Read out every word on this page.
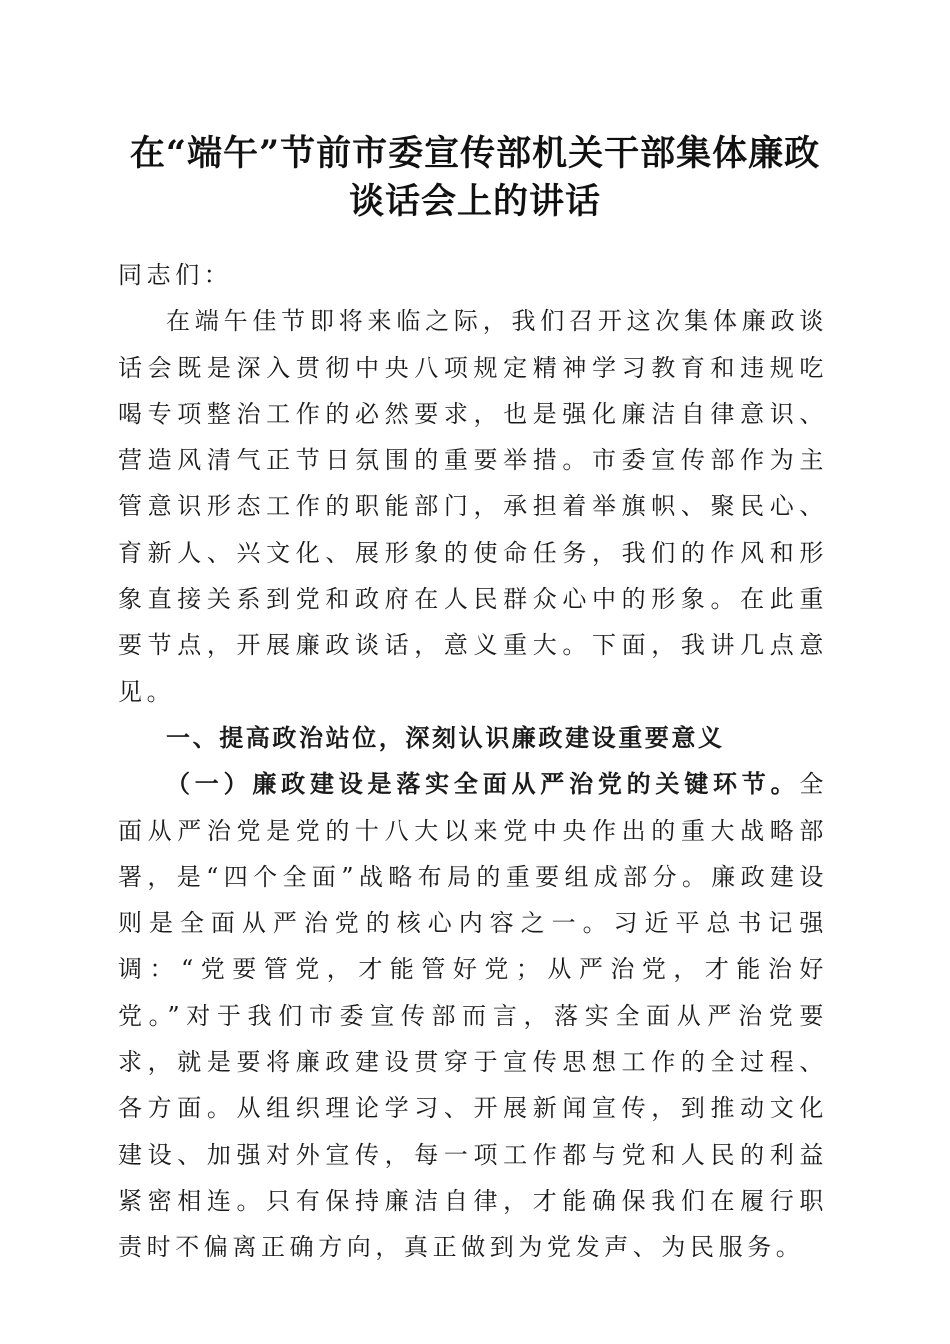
在“端午”节前市委宣传部机关干部集体廉政
谈话会上的讲话

同志们：

在端午佳节即将来临之际，我们召开这次集体廉政谈话会既是深入贯彻中央八项规定精神学习教育和违规吃喝专项整治工作的必然要求，也是强化廉洁自律意识、营造风清气正节日氛围的重要举措。市委宣传部作为主管意识形态工作的职能部门，承担着举旗帜、聚民心、育新人、兴文化、展形象的使命任务，我们的作风和形象直接关系到党和政府在人民群众心中的形象。在此重要节点，开展廉政谈话，意义重大。下面，我讲几点意见。

一、提高政治站位，深刻认识廉政建设重要意义

（一）廉政建设是落实全面从严治党的关键环节。全面从严治党是党的十八大以来党中央作出的重大战略部署，是“四个全面”战略布局的重要组成部分。廉政建设则是全面从严治党的核心内容之一。习近平总书记强调：“党要管党，才能管好党；从严治党，才能治好党。”对于我们市委宣传部而言，落实全面从严治党要求，就是要将廉政建设贯穿于宣传思想工作的全过程、各方面。从组织理论学习、开展新闻宣传，到推动文化建设、加强对外宣传，每一项工作都与党和人民的利益紧密相连。只有保持廉洁自律，才能确保我们在履行职责时不偏离正确方向，真正做到为党发声、为民服务。
